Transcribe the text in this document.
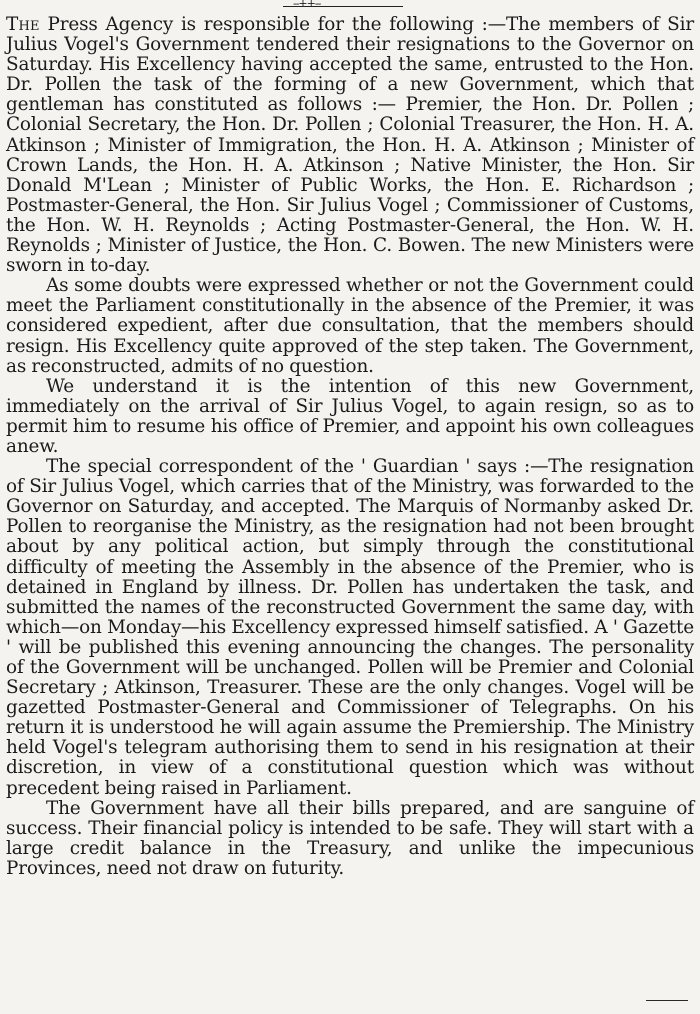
--++--

The Press Agency is responsible for the following :—The members of Sir Julius Vogel's Government tendered their resignations to the Governor on Saturday. His Excellency having accepted the same, entrusted to the Hon. Dr. Pollen the task of the forming of a new Government, which that gentleman has constituted as follows :— Premier, the Hon. Dr. Pollen ; Colonial Secretary, the Hon. Dr. Pollen ; Colonial Treasurer, the Hon. H. A. Atkinson ; Minister of Immigration, the Hon. H. A. Atkinson ; Minister of Crown Lands, the Hon. H. A. Atkinson ; Native Minister, the Hon. Sir Donald M'Lean ; Minister of Public Works, the Hon. E. Richardson ; Postmaster-General, the Hon. Sir Julius Vogel ; Commissioner of Customs, the Hon. W. H. Reynolds ; Acting Postmaster-General, the Hon. W. H. Reynolds ; Minister of Justice, the Hon. C. Bowen. The new Ministers were sworn in to-day.

As some doubts were expressed whether or not the Government could meet the Parliament constitutionally in the absence of the Premier, it was considered expedient, after due consultation, that the members should resign. His Excellency quite approved of the step taken. The Government, as reconstructed, admits of no question.

We understand it is the intention of this new Government, immediately on the arrival of Sir Julius Vogel, to again resign, so as to permit him to resume his office of Premier, and appoint his own colleagues anew.

The special correspondent of the ' Guardian ' says :—The resignation of Sir Julius Vogel, which carries that of the Ministry, was forwarded to the Governor on Saturday, and accepted. The Marquis of Normanby asked Dr. Pollen to reorganise the Ministry, as the resignation had not been brought about by any political action, but simply through the constitutional difficulty of meeting the Assembly in the absence of the Premier, who is detained in England by illness. Dr. Pollen has undertaken the task, and submitted the names of the reconstructed Government the same day, with which—on Monday—his Excellency expressed himself satisfied. A ' Gazette ' will be published this evening announcing the changes. The personality of the Government will be unchanged. Pollen will be Premier and Colonial Secretary ; Atkinson, Treasurer. These are the only changes. Vogel will be gazetted Postmaster-General and Commissioner of Telegraphs. On his return it is understood he will again assume the Premiership. The Ministry held Vogel's telegram authorising them to send in his resignation at their discretion, in view of a constitutional question which was without precedent being raised in Parliament.

The Government have all their bills prepared, and are sanguine of success. Their financial policy is intended to be safe. They will start with a large credit balance in the Treasury, and unlike the impecunious Provinces, need not draw on futurity.
